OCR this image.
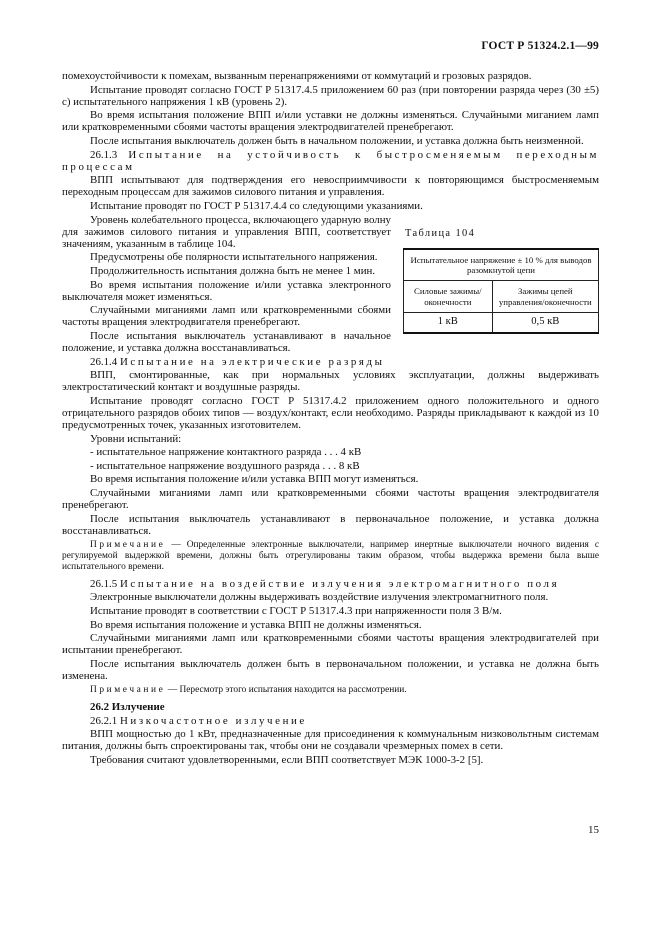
ГОСТ Р 51324.2.1—99

помехоустойчивости к помехам, вызванным перенапряжениями от коммутаций и грозовых разрядов.

Испытание проводят согласно ГОСТ Р 51317.4.5 приложением 60 раз (при повторении разряда через (30 ±5) с) испытательного напряжения 1 кВ (уровень 2).

Во время испытания положение ВПП и/или уставки не должны изменяться. Случайными миганием ламп или кратковременными сбоями частоты вращения электродвигателей пренебрегают.

После испытания выключатель должен быть в начальном положении, и уставка должна быть неизменной.

26.1.3 Испытание на устойчивость к быстросменяемым переходным процессам

ВПП испытывают для подтверждения его невосприимчивости к повторяющимся быстросменяемым переходным процессам для зажимов силового питания и управления.

Испытание проводят по ГОСТ Р 51317.4.4 со следующими указаниями.

Таблица 104
Испытательное напряжение ± 10 % для выводов разомкнутой цепи	
Силовые зажимы/оконечности	Зажимы цепей управления/оконечности
1 кВ	0,5 кВ

Уровень колебательного процесса, включающего ударную волну для зажимов силового питания и управления ВПП, соответствует значениям, указанным в таблице 104.

Предусмотрены обе полярности испытательного напряжения.

Продолжительность испытания должна быть не менее 1 мин.

Во время испытания положение и/или уставка электронного выключателя может изменяться.

Случайными миганиями ламп или кратковременными сбоями частоты вращения электродвигателя пренебрегают.

После испытания выключатель устанавливают в начальное положение, и уставка должна восстанавливаться.

26.1.4 Испытание на электрические разряды

ВПП, смонтированные, как при нормальных условиях эксплуатации, должны выдерживать электростатический контакт и воздушные разряды.

Испытание проводят согласно ГОСТ Р 51317.4.2 приложением одного положительного и одного отрицательного разрядов обоих типов — воздух/контакт, если необходимо. Разряды прикладывают к каждой из 10 предусмотренных точек, указанных изготовителем.

Уровни испытаний:

- испытательное напряжение контактного разряда . . . 4 кВ

- испытательное напряжение воздушного разряда . . . 8 кВ

Во время испытания положение и/или уставка ВПП могут изменяться.

Случайными миганиями ламп или кратковременными сбоями частоты вращения электродвигателя пренебрегают.

После испытания выключатель устанавливают в первоначальное положение, и уставка должна восстанавливаться.

Примечание — Определенные электронные выключатели, например инертные выключатели ночного видения с регулируемой выдержкой времени, должны быть отрегулированы таким образом, чтобы выдержка времени была выше испытательного времени.

26.1.5 Испытание на воздействие излучения электромагнитного поля

Электронные выключатели должны выдерживать воздействие излучения электромагнитного поля.

Испытание проводят в соответствии с ГОСТ Р 51317.4.3 при напряженности поля 3 В/м.

Во время испытания положение и уставка ВПП не должны изменяться.

Случайными миганиями ламп или кратковременными сбоями частоты вращения электродвигателей при испытании пренебрегают.

После испытания выключатель должен быть в первоначальном положении, и уставка не должна быть изменена.

Примечание — Пересмотр этого испытания находится на рассмотрении.

26.2 Излучение

26.2.1 Низкочастотное излучение

ВПП мощностью до 1 кВт, предназначенные для присоединения к коммунальным низковольтным системам питания, должны быть спроектированы так, чтобы они не создавали чрезмерных помех в сети.

Требования считают удовлетворенными, если ВПП соответствует МЭК 1000-3-2 [5].

15
